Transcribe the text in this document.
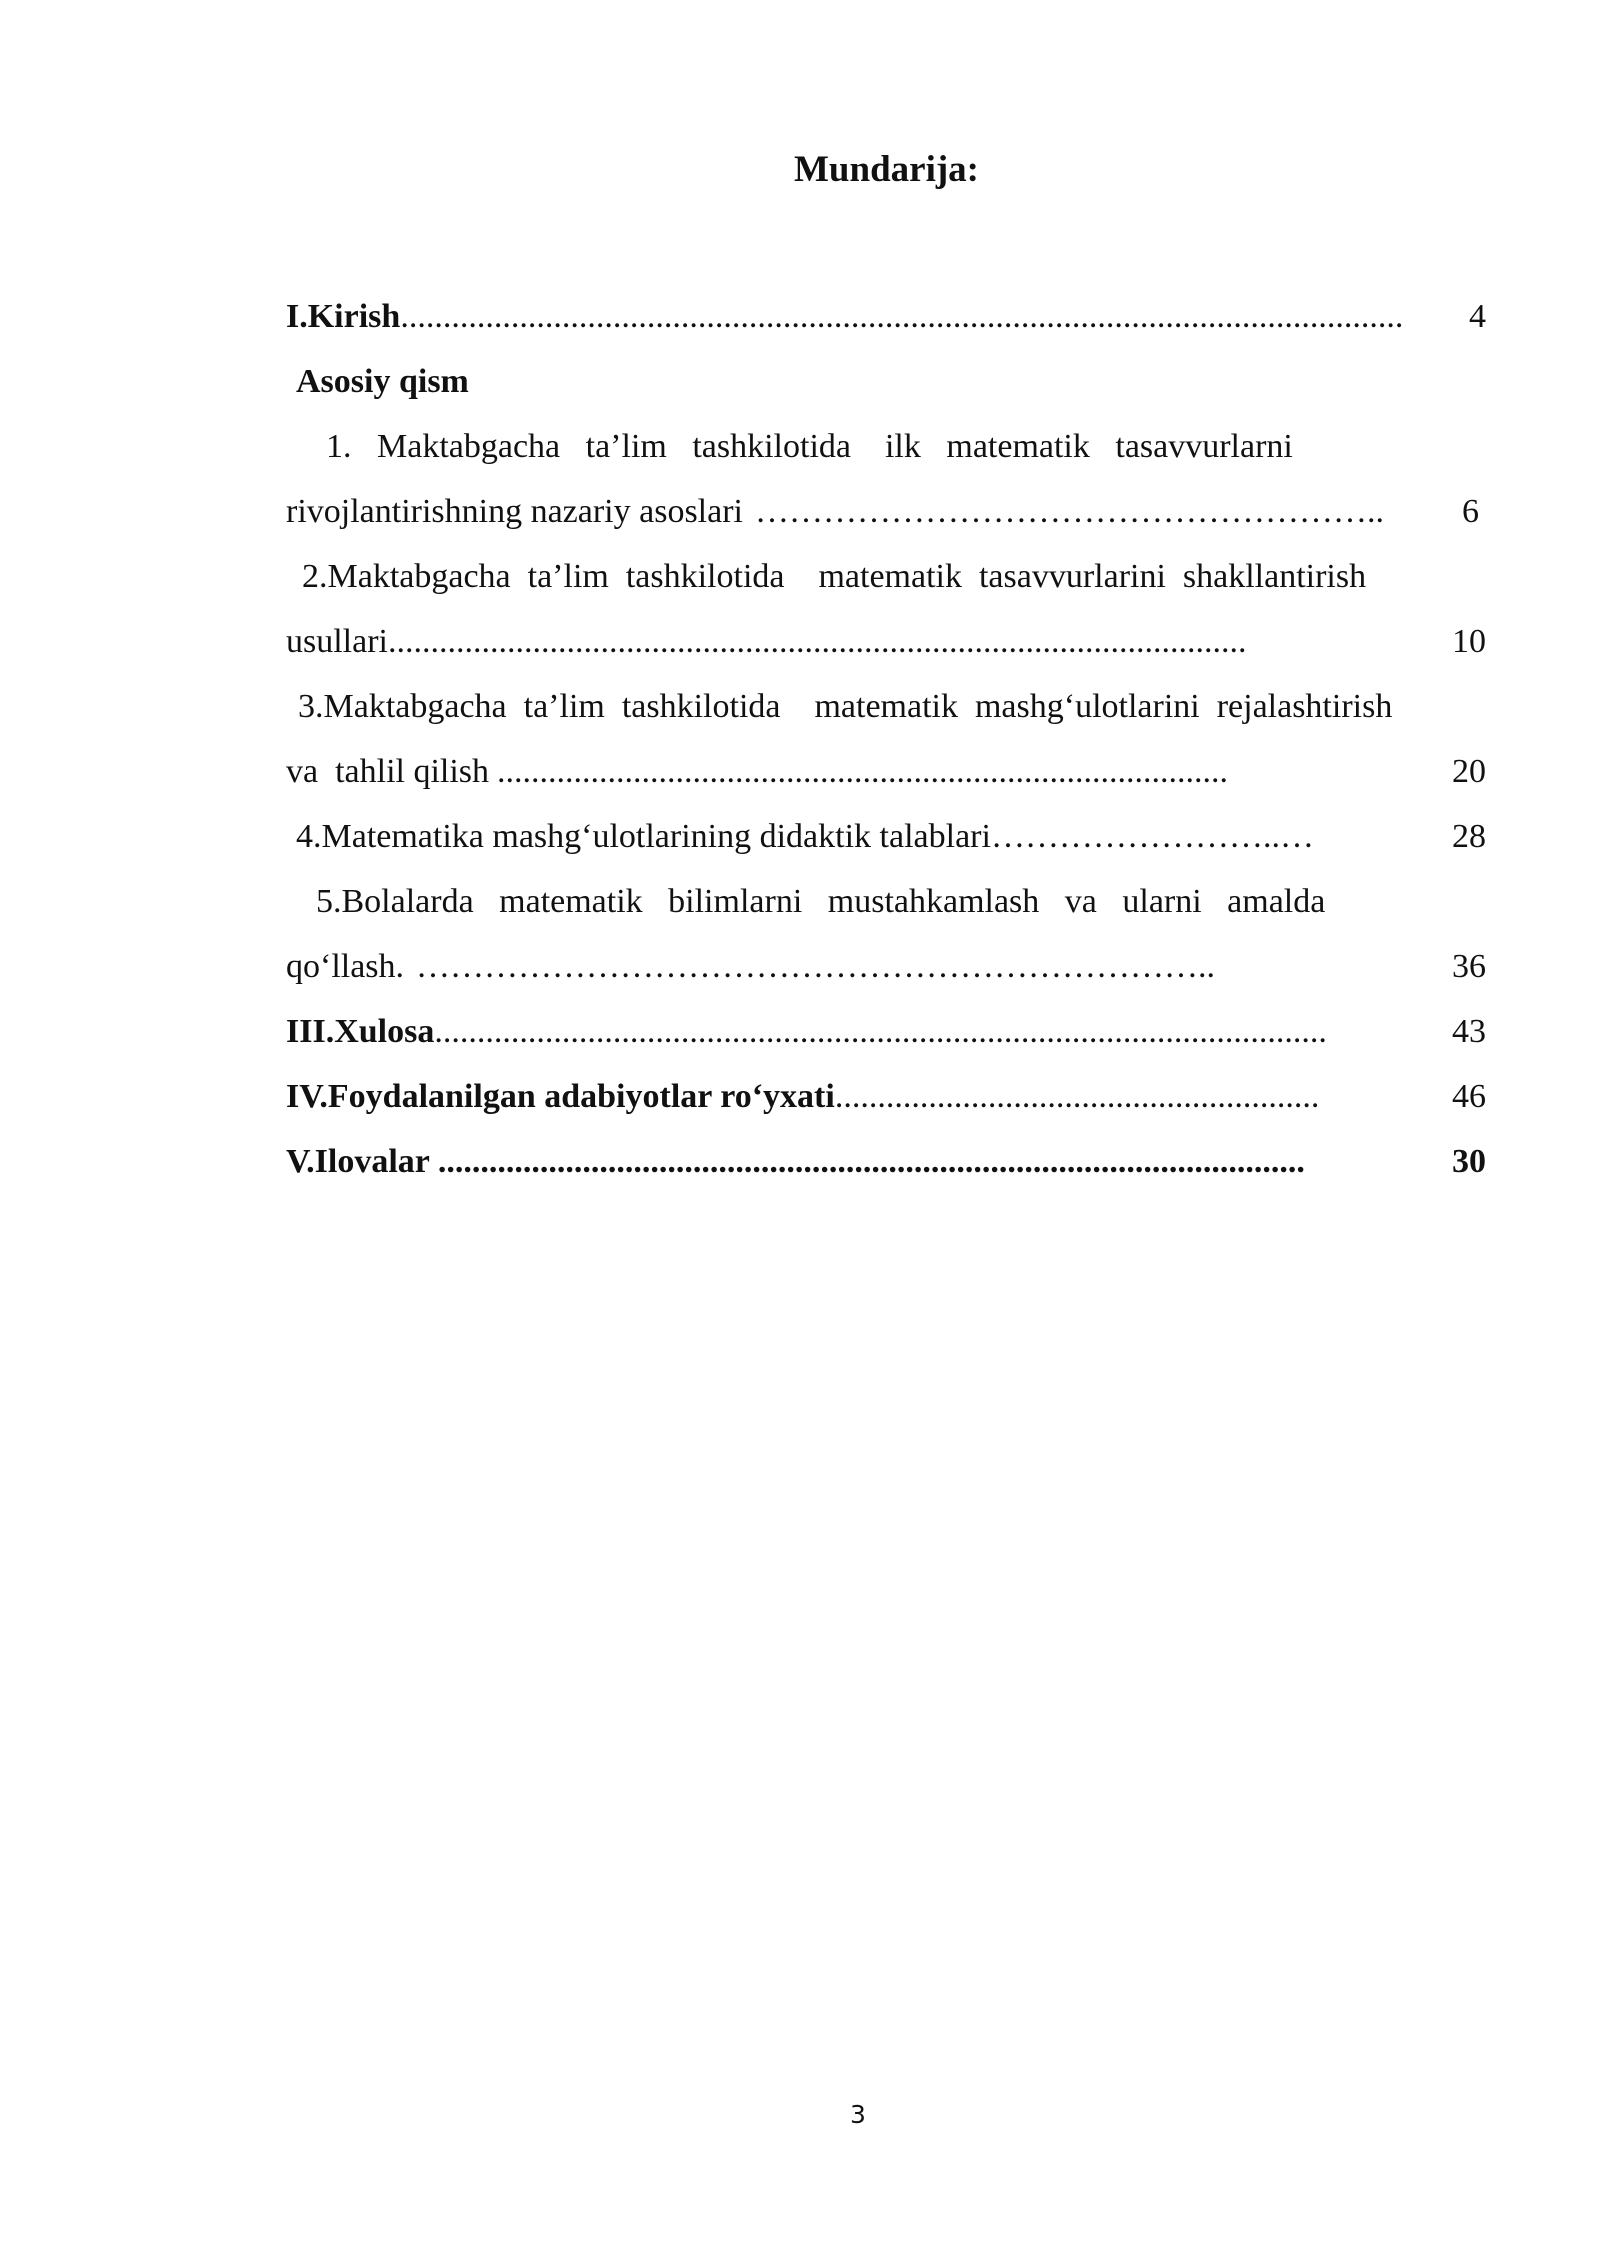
Mundarija:
I.Kirish ......................................................................................................................	4
Asosiy qism
1.   Maktabgacha   ta’lim   tashkilotida    ilk   matematik   tasavvurlarni
rivojlantirishning nazariy asoslari ………………………………………………..	6
2.Maktabgacha  ta’lim  tashkilotida    matematik  tasavvurlarini  shakllantirish
usullari .....................................................................................................	10
3.Maktabgacha  ta’lim  tashkilotida    matematik  mashg‘ulotlarini  rejalashtirish
va  tahlil qilish ......................................................................................	20
4.Matematika mashg‘ulotlarining didaktik talablari ……………………..…	28
5.Bolalarda   matematik   bilimlarni   mustahkamlash   va   ularni   amalda
qo‘llash. ……………………………………………………………..	36
III.Xulosa .........................................................................................................	43
IV.Foydalanilgan adabiyotlar ro‘yxati .........................................................	46
V.Ilovalar ......................................................................................................	30
3
